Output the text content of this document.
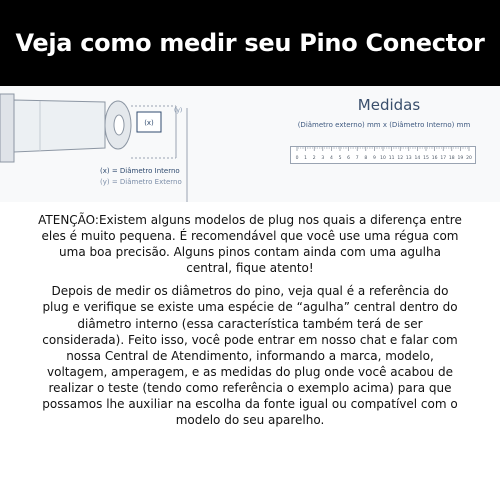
Veja como medir seu Pino Conector
(x)
(y)
(x) = Diâmetro Interno
(y) = Diâmetro Externo
Medidas
(Diâmetro externo) mm x (Diâmetro Interno) mm
0 1 2 3 4 5 6 7 8 9 10 11 12 13 14 15 16 17 18 19 20

ATENÇÃO:Existem alguns modelos de plug nos quais a diferença entre eles é muito pequena. É recomendável que você use uma régua com uma boa precisão. Alguns pinos contam ainda com uma agulha central, fique atento!

Depois de medir os diâmetros do pino, veja qual é a referência do plug e verifique se existe uma espécie de “agulha” central dentro do diâmetro interno (essa característica também terá de ser considerada). Feito isso, você pode entrar em nosso chat e falar com nossa Central de Atendimento, informando a marca, modelo, voltagem, amperagem, e as medidas do plug onde você acabou de realizar o teste (tendo como referência o exemplo acima) para que possamos lhe auxiliar na escolha da fonte igual ou compatível com o modelo do seu aparelho.
